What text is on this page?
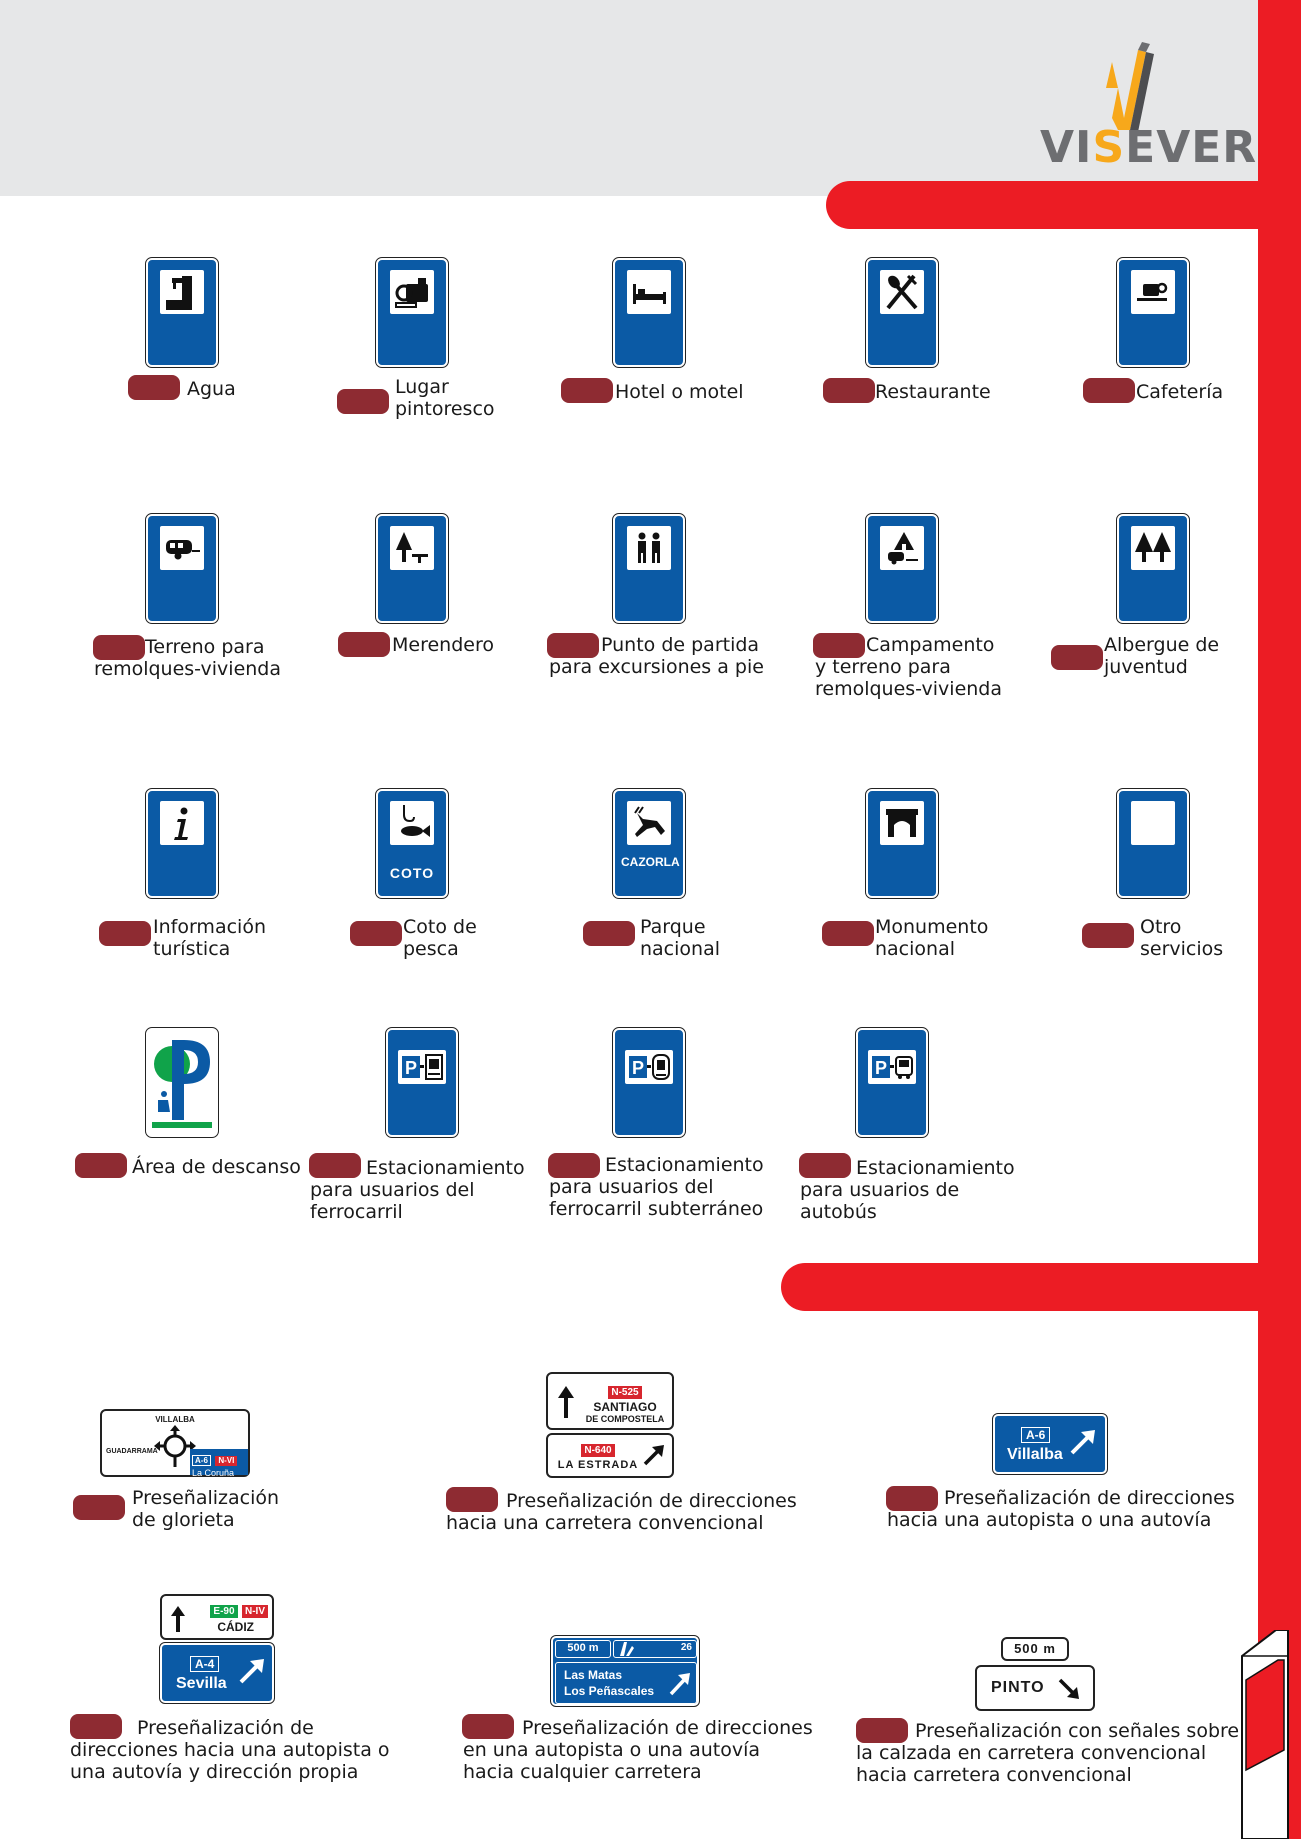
VISEVER
Agua	Lugar
pintoresco
Hotel o motel	Restaurante	Cafetería
Terreno para
remolques-vivienda
Merendero	Punto de partida
para excursiones a pie
Campamento
y terreno para
remolques-vivienda
Albergue de
juventud
Información
turística
COTO
Coto de
pesca
CAZORLA
Parque
nacional
Monumento
nacional
Otro
servicios
Área de descanso
P
Estacionamiento
para usuarios del
ferrocarril
P
Estacionamiento
para usuarios del
ferrocarril subterráneo
P
Estacionamiento
para usuarios de
autobús
VILLALBA
GUADARRAMA
A-6 N-VI
La Coruña
Preseñalización
de glorieta
N-525
SANTIAGO
DE COMPOSTELA
N-640
LA ESTRADA
Preseñalización de direcciones
hacia una carretera convencional
A-6
Villalba
Preseñalización de direcciones
hacia una autopista o una autovía
E-90 N-IV
CÁDIZ
A-4
Sevilla
Preseñalización de
direcciones hacia una autopista o
una autovía y dirección propia
500 m	26
Las Matas
Los Peñascales
Preseñalización de direcciones
en una autopista o una autovía
hacia cualquier carretera
500 m
PINTO
Preseñalización con señales sobre
la calzada en carretera convencional
hacia carretera convencional
